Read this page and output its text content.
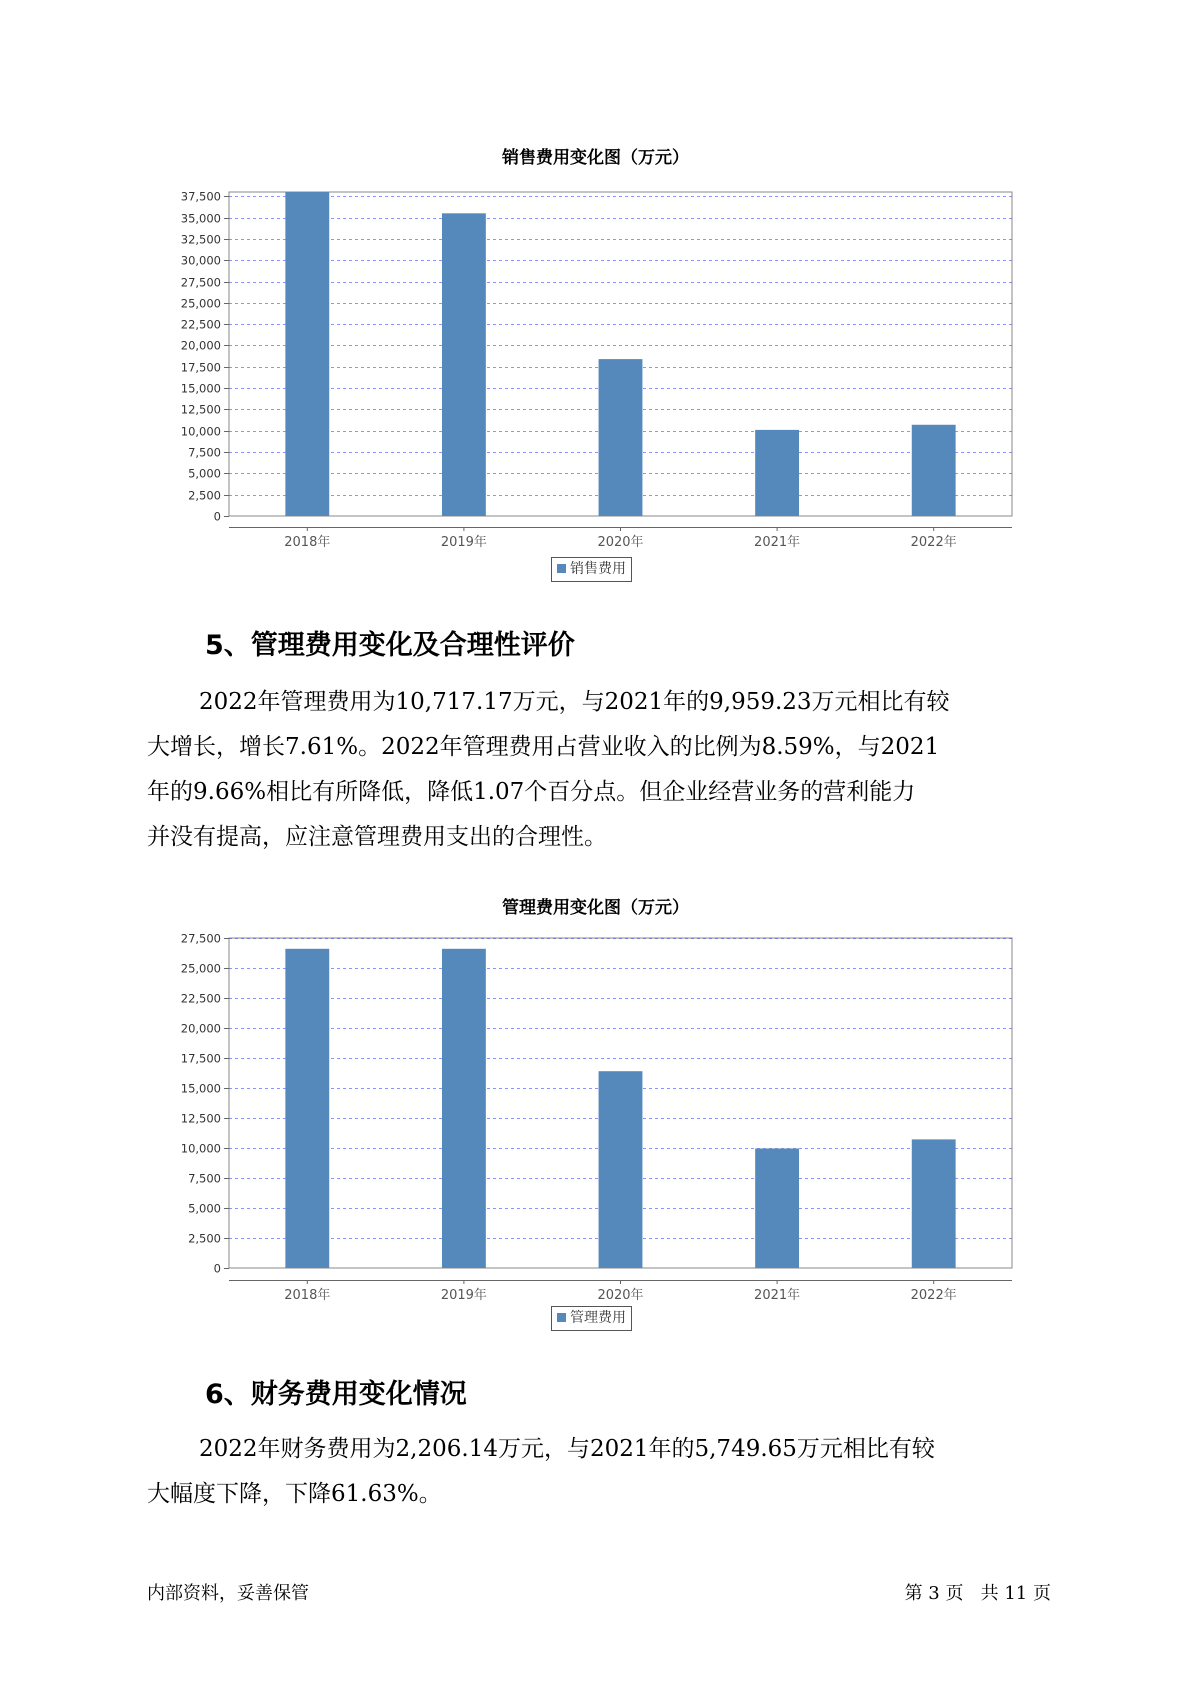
销售费用变化图（万元）
0
2,500
5,000
7,500
10,000
12,500
15,000
17,500
20,000
22,500
25,000
27,500
30,000
32,500
35,000
37,500
2018年	2019年	2020年	2021年	2022年
销售费用
5、管理费用变化及合理性评价
2022年管理费用为10,717.17万元，与2021年的9,959.23万元相比有较
大增长，增长7.61%。2022年管理费用占营业收入的比例为8.59%，与2021
年的9.66%相比有所降低，降低1.07个百分点。但企业经营业务的营利能力
并没有提高，应注意管理费用支出的合理性。
管理费用变化图（万元）
0
2,500
5,000
7,500
10,000
12,500
15,000
17,500
20,000
22,500
25,000
27,500
2018年	2019年	2020年	2021年	2022年
管理费用
6、财务费用变化情况
2022年财务费用为2,206.14万元，与2021年的5,749.65万元相比有较
大幅度下降，下降61.63%。
内部资料，妥善保管	第 3 页   共 11 页
